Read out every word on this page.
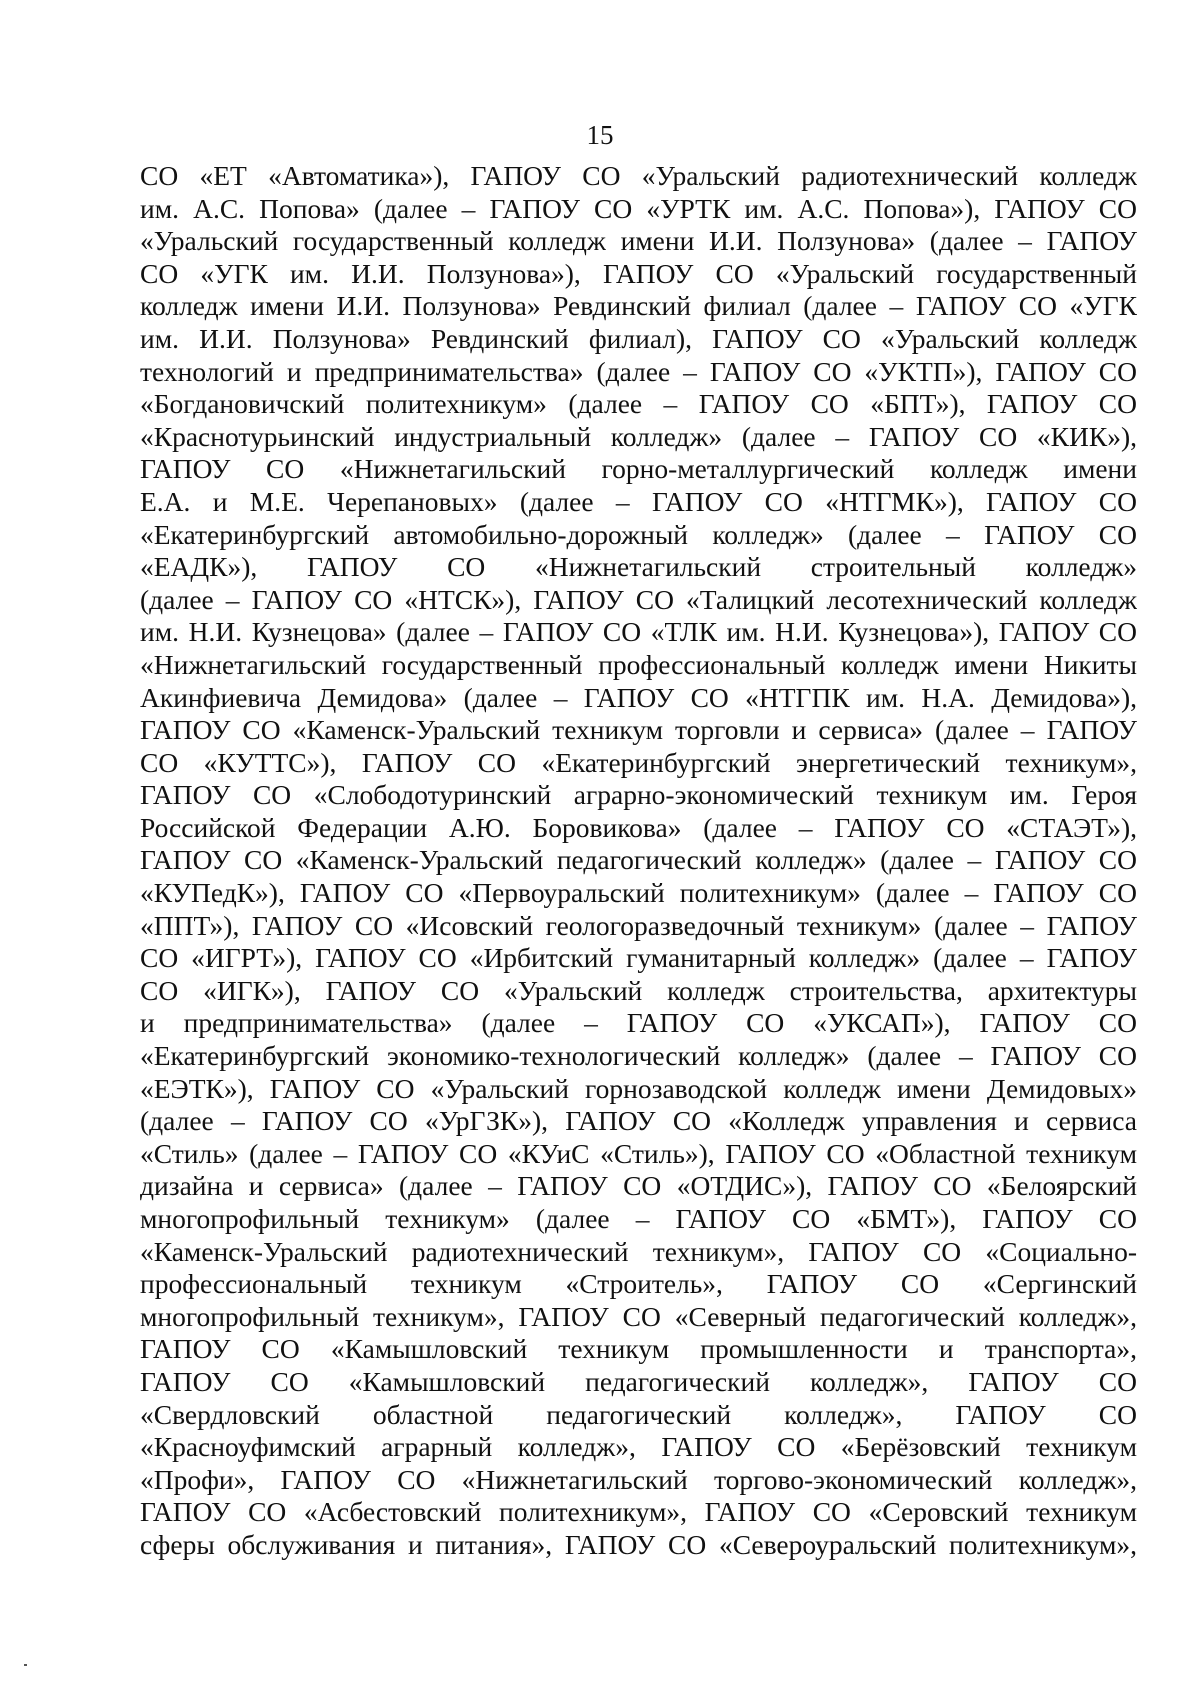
15
СО «ЕТ «Автоматика»), ГАПОУ СО «Уральский радиотехнический колледж
им. А.С. Попова» (далее – ГАПОУ СО «УРТК им. А.С. Попова»), ГАПОУ СО
«Уральский государственный колледж имени И.И. Ползунова» (далее – ГАПОУ
СО «УГК им. И.И. Ползунова»), ГАПОУ СО «Уральский государственный
колледж имени И.И. Ползунова» Ревдинский филиал (далее – ГАПОУ СО «УГК
им. И.И. Ползунова» Ревдинский филиал), ГАПОУ СО «Уральский колледж
технологий и предпринимательства» (далее – ГАПОУ СО «УКТП»), ГАПОУ СО
«Богдановичский политехникум» (далее – ГАПОУ СО «БПТ»), ГАПОУ СО
«Краснотурьинский индустриальный колледж» (далее – ГАПОУ СО «КИК»),
ГАПОУ СО «Нижнетагильский горно-металлургический колледж имени
Е.А. и М.Е. Черепановых» (далее – ГАПОУ СО «НТГМК»), ГАПОУ СО
«Екатеринбургский автомобильно-дорожный колледж» (далее – ГАПОУ СО
«ЕАДК»), ГАПОУ СО «Нижнетагильский строительный колледж»
(далее – ГАПОУ СО «НТСК»), ГАПОУ СО «Талицкий лесотехнический колледж
им. Н.И. Кузнецова» (далее – ГАПОУ СО «ТЛК им. Н.И. Кузнецова»), ГАПОУ СО
«Нижнетагильский государственный профессиональный колледж имени Никиты
Акинфиевича Демидова» (далее – ГАПОУ СО «НТГПК им. Н.А. Демидова»),
ГАПОУ СО «Каменск-Уральский техникум торговли и сервиса» (далее – ГАПОУ
СО «КУТТС»), ГАПОУ СО «Екатеринбургский энергетический техникум»,
ГАПОУ СО «Слободотуринский аграрно-экономический техникум им. Героя
Российской Федерации А.Ю. Боровикова» (далее – ГАПОУ СО «СТАЭТ»),
ГАПОУ СО «Каменск-Уральский педагогический колледж» (далее – ГАПОУ СО
«КУПедК»), ГАПОУ СО «Первоуральский политехникум» (далее – ГАПОУ СО
«ППТ»), ГАПОУ СО «Исовский геологоразведочный техникум» (далее – ГАПОУ
СО «ИГРТ»), ГАПОУ СО «Ирбитский гуманитарный колледж» (далее – ГАПОУ
СО «ИГК»), ГАПОУ СО «Уральский колледж строительства, архитектуры
и предпринимательства» (далее – ГАПОУ СО «УКСАП»), ГАПОУ СО
«Екатеринбургский экономико-технологический колледж» (далее – ГАПОУ СО
«ЕЭТК»), ГАПОУ СО «Уральский горнозаводской колледж имени Демидовых»
(далее – ГАПОУ СО «УрГЗК»), ГАПОУ СО «Колледж управления и сервиса
«Стиль» (далее – ГАПОУ СО «КУиС «Стиль»), ГАПОУ СО «Областной техникум
дизайна и сервиса» (далее – ГАПОУ СО «ОТДИС»), ГАПОУ СО «Белоярский
многопрофильный техникум» (далее – ГАПОУ СО «БМТ»), ГАПОУ СО
«Каменск-Уральский радиотехнический техникум», ГАПОУ СО «Социально-
профессиональный техникум «Строитель», ГАПОУ СО «Сергинский
многопрофильный техникум», ГАПОУ СО «Северный педагогический колледж»,
ГАПОУ СО «Камышловский техникум промышленности и транспорта»,
ГАПОУ СО «Камышловский педагогический колледж», ГАПОУ СО
«Свердловский областной педагогический колледж», ГАПОУ СО
«Красноуфимский аграрный колледж», ГАПОУ СО «Берёзовский техникум
«Профи», ГАПОУ СО «Нижнетагильский торгово-экономический колледж»,
ГАПОУ СО «Асбестовский политехникум», ГАПОУ СО «Серовский техникум
сферы обслуживания и питания», ГАПОУ СО «Североуральский политехникум»,
